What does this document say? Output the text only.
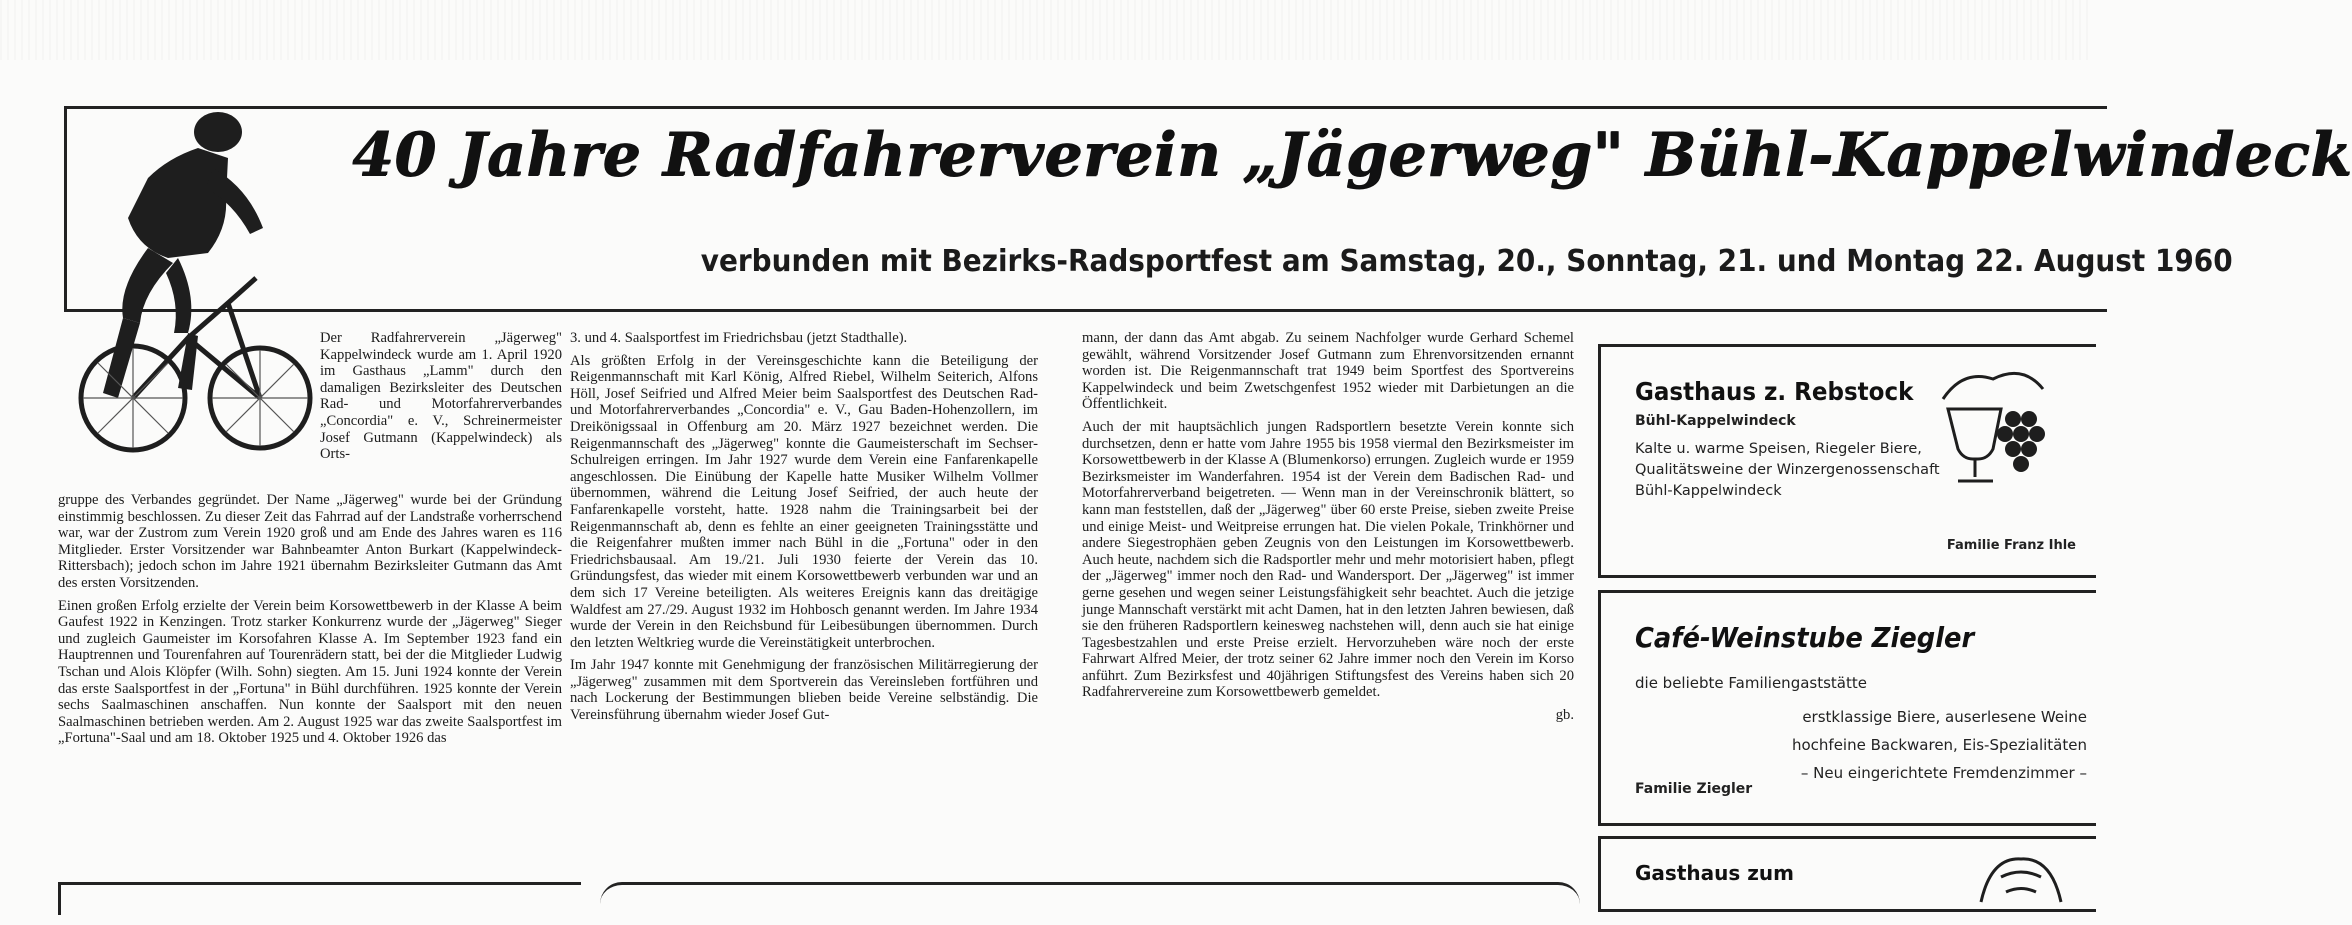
40 Jahre Radfahrerverein „Jägerweg" Bühl-Kappelwindeck
verbunden mit Bezirks-Radsportfest am Samstag, 20., Sonntag, 21. und Montag 22. August 1960

Der Radfahrerverein „Jägerweg" Kappelwindeck wurde am 1. April 1920 im Gasthaus „Lamm" durch den damaligen Bezirksleiter des Deutschen Rad- und Motorfahrerverbandes „Concordia" e. V., Schreinermeister Josef Gutmann (Kappelwindeck) als Orts-

gruppe des Verbandes gegründet. Der Name „Jägerweg" wurde bei der Gründung einstimmig beschlossen. Zu dieser Zeit das Fahrrad auf der Landstraße vorherrschend war, war der Zustrom zum Verein 1920 groß und am Ende des Jahres waren es 116 Mitglieder. Erster Vorsitzender war Bahnbeamter Anton Burkart (Kappelwindeck-Rittersbach); jedoch schon im Jahre 1921 übernahm Bezirksleiter Gutmann das Amt des ersten Vorsitzenden.

Einen großen Erfolg erzielte der Verein beim Korsowettbewerb in der Klasse A beim Gaufest 1922 in Kenzingen. Trotz starker Konkurrenz wurde der „Jägerweg" Sieger und zugleich Gaumeister im Korsofahren Klasse A. Im September 1923 fand ein Hauptrennen und Tourenfahren auf Tourenrädern statt, bei der die Mitglieder Ludwig Tschan und Alois Klöpfer (Wilh. Sohn) siegten. Am 15. Juni 1924 konnte der Verein das erste Saalsportfest in der „Fortuna" in Bühl durchführen. 1925 konnte der Verein sechs Saalmaschinen anschaffen. Nun konnte der Saalsport mit den neuen Saalmaschinen betrieben werden. Am 2. August 1925 war das zweite Saalsportfest im „Fortuna"-Saal und am 18. Oktober 1925 und 4. Oktober 1926 das

3. und 4. Saalsportfest im Friedrichsbau (jetzt Stadthalle).

Als größten Erfolg in der Vereinsgeschichte kann die Beteiligung der Reigenmannschaft mit Karl König, Alfred Riebel, Wilhelm Seiterich, Alfons Höll, Josef Seifried und Alfred Meier beim Saalsportfest des Deutschen Rad- und Motorfahrerverbandes „Concordia" e. V., Gau Baden-Hohenzollern, im Dreikönigssaal in Offenburg am 20. März 1927 bezeichnet werden. Die Reigenmannschaft des „Jägerweg" konnte die Gaumeisterschaft im Sechser-Schulreigen erringen. Im Jahr 1927 wurde dem Verein eine Fanfarenkapelle angeschlossen. Die Einübung der Kapelle hatte Musiker Wilhelm Vollmer übernommen, während die Leitung Josef Seifried, der auch heute der Fanfarenkapelle vorsteht, hatte. 1928 nahm die Trainingsarbeit bei der Reigenmannschaft ab, denn es fehlte an einer geeigneten Trainingsstätte und die Reigenfahrer mußten immer nach Bühl in die „Fortuna" oder in den Friedrichsbausaal. Am 19./21. Juli 1930 feierte der Verein das 10. Gründungsfest, das wieder mit einem Korsowettbewerb verbunden war und an dem sich 17 Vereine beteiligten. Als weiteres Ereignis kann das dreitägige Waldfest am 27./29. August 1932 im Hohbosch genannt werden. Im Jahre 1934 wurde der Verein in den Reichsbund für Leibesübungen übernommen. Durch den letzten Weltkrieg wurde die Vereinstätigkeit unterbrochen.

Im Jahr 1947 konnte mit Genehmigung der französischen Militärregierung der „Jägerweg" zusammen mit dem Sportverein das Vereinsleben fortführen und nach Lockerung der Bestimmungen blieben beide Vereine selbständig. Die Vereinsführung übernahm wieder Josef Gut-

mann, der dann das Amt abgab. Zu seinem Nachfolger wurde Gerhard Schemel gewählt, während Vorsitzender Josef Gutmann zum Ehrenvorsitzenden ernannt worden ist. Die Reigenmannschaft trat 1949 beim Sportfest des Sportvereins Kappelwindeck und beim Zwetschgenfest 1952 wieder mit Darbietungen an die Öffentlichkeit.

Auch der mit hauptsächlich jungen Radsportlern besetzte Verein konnte sich durchsetzen, denn er hatte vom Jahre 1955 bis 1958 viermal den Bezirksmeister im Korsowettbewerb in der Klasse A (Blumenkorso) errungen. Zugleich wurde er 1959 Bezirksmeister im Wanderfahren. 1954 ist der Verein dem Badischen Rad- und Motorfahrerverband beigetreten. — Wenn man in der Vereinschronik blättert, so kann man feststellen, daß der „Jägerweg" über 60 erste Preise, sieben zweite Preise und einige Meist- und Weitpreise errungen hat. Die vielen Pokale, Trinkhörner und andere Siegestrophäen geben Zeugnis von den Leistungen im Korsowettbewerb. Auch heute, nachdem sich die Radsportler mehr und mehr motorisiert haben, pflegt der „Jägerweg" immer noch den Rad- und Wandersport. Der „Jägerweg" ist immer gerne gesehen und wegen seiner Leistungsfähigkeit sehr beachtet. Auch die jetzige junge Mannschaft verstärkt mit acht Damen, hat in den letzten Jahren bewiesen, daß sie den früheren Radsportlern keinesweg nachstehen will, denn auch sie hat einige Tagesbestzahlen und erste Preise erzielt. Hervorzuheben wäre noch der erste Fahrwart Alfred Meier, der trotz seiner 62 Jahre immer noch den Verein im Korso anführt. Zum Bezirksfest und 40jährigen Stiftungsfest des Vereins haben sich 20 Radfahrervereine zum Korsowettbewerb gemeldet.

gb.

Gasthaus z. Rebstock
Bühl-Kappelwindeck
Kalte u. warme Speisen, Riegeler Biere, Qualitätsweine der Winzergenossenschaft Bühl-Kappelwindeck
Familie Franz Ihle
Café-Weinstube Ziegler
die beliebte Familiengaststätte
erstklassige Biere, auserlesene Weine
hochfeine Backwaren, Eis-Spezialitäten
– Neu eingerichtete Fremdenzimmer –
Familie Ziegler
Gasthaus zum
